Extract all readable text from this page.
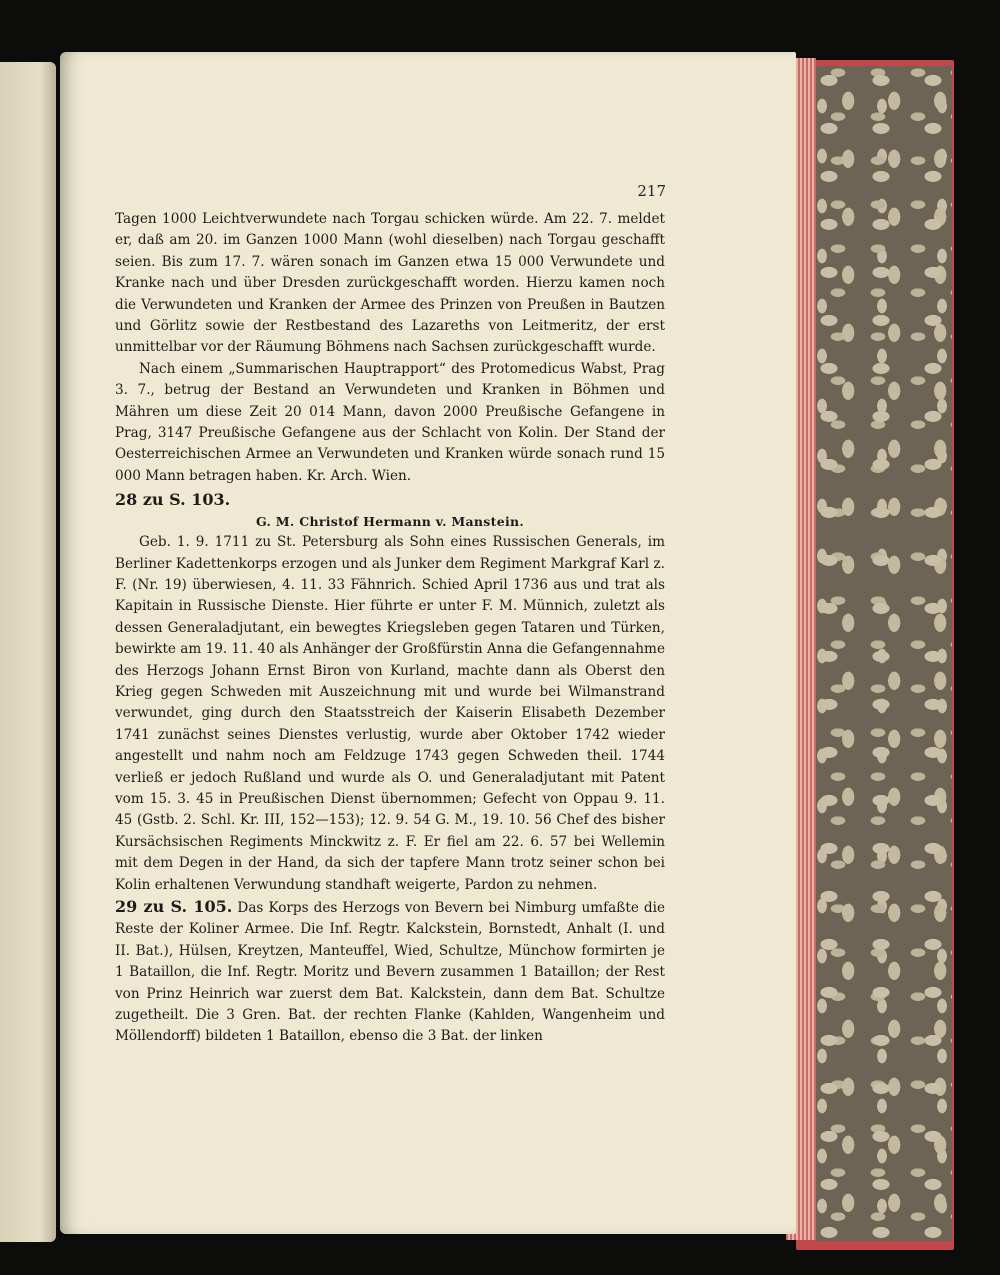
217

Tagen 1000 Leichtverwundete nach Torgau schicken würde. Am 22. 7. meldet er, daß am 20. im Ganzen 1000 Mann (wohl dieselben) nach Torgau geschafft seien. Bis zum 17. 7. wären sonach im Ganzen etwa 15 000 Verwundete und Kranke nach und über Dresden zurückgeschafft worden. Hierzu kamen noch die Verwundeten und Kranken der Armee des Prinzen von Preußen in Bautzen und Görlitz sowie der Restbestand des Lazareths von Leitmeritz, der erst unmittelbar vor der Räumung Böhmens nach Sachsen zurückgeschafft wurde.

Nach einem „Summarischen Hauptrapport“ des Protomedicus Wabst, Prag 3. 7., betrug der Bestand an Verwundeten und Kranken in Böhmen und Mähren um diese Zeit 20 014 Mann, davon 2000 Preußische Gefangene in Prag, 3147 Preußische Gefangene aus der Schlacht von Kolin. Der Stand der Oesterreichischen Armee an Verwundeten und Kranken würde sonach rund 15 000 Mann betragen haben. Kr. Arch. Wien.

28 zu S. 103.

G. M. Christof Hermann v. Manstein.

Geb. 1. 9. 1711 zu St. Petersburg als Sohn eines Russischen Generals, im Berliner Kadettenkorps erzogen und als Junker dem Regiment Markgraf Karl z. F. (Nr. 19) überwiesen, 4. 11. 33 Fähnrich. Schied April 1736 aus und trat als Kapitain in Russische Dienste. Hier führte er unter F. M. Münnich, zuletzt als dessen Generaladjutant, ein bewegtes Kriegsleben gegen Tataren und Türken, bewirkte am 19. 11. 40 als Anhänger der Großfürstin Anna die Gefangennahme des Herzogs Johann Ernst Biron von Kurland, machte dann als Oberst den Krieg gegen Schweden mit Auszeichnung mit und wurde bei Wilmanstrand verwundet, ging durch den Staatsstreich der Kaiserin Elisabeth Dezember 1741 zunächst seines Dienstes verlustig, wurde aber Oktober 1742 wieder angestellt und nahm noch am Feldzuge 1743 gegen Schweden theil. 1744 verließ er jedoch Rußland und wurde als O. und Generaladjutant mit Patent vom 15. 3. 45 in Preußischen Dienst übernommen; Gefecht von Oppau 9. 11. 45 (Gstb. 2. Schl. Kr. III, 152—153); 12. 9. 54 G. M., 19. 10. 56 Chef des bisher Kursächsischen Regiments Minckwitz z. F. Er fiel am 22. 6. 57 bei Wellemin mit dem Degen in der Hand, da sich der tapfere Mann trotz seiner schon bei Kolin erhaltenen Verwundung standhaft weigerte, Pardon zu nehmen.

29 zu S. 105. Das Korps des Herzogs von Bevern bei Nimburg umfaßte die Reste der Koliner Armee. Die Inf. Regtr. Kalckstein, Bornstedt, Anhalt (I. und II. Bat.), Hülsen, Kreytzen, Manteuffel, Wied, Schultze, Münchow formirten je 1 Bataillon, die Inf. Regtr. Moritz und Bevern zusammen 1 Bataillon; der Rest von Prinz Heinrich war zuerst dem Bat. Kalckstein, dann dem Bat. Schultze zugetheilt. Die 3 Gren. Bat. der rechten Flanke (Kahlden, Wangenheim und Möllendorff) bildeten 1 Bataillon, ebenso die 3 Bat. der linken
